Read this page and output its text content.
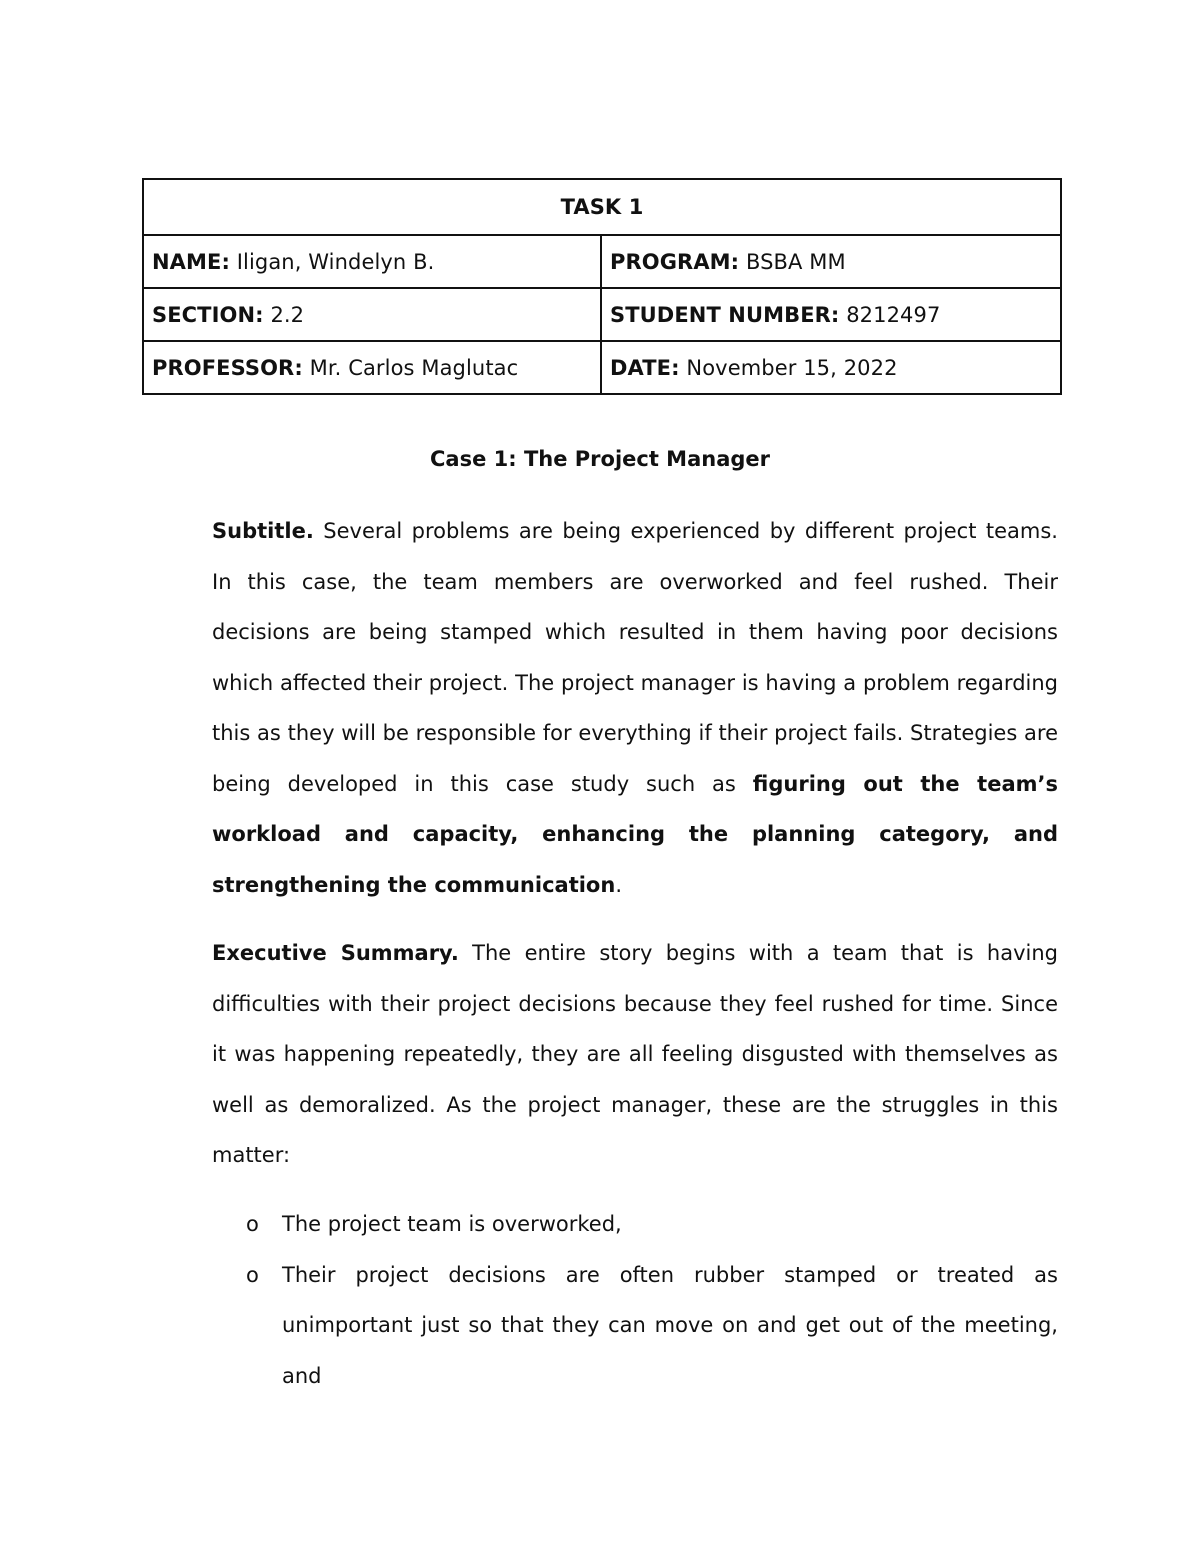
TASK 1	
NAME: Iligan, Windelyn B.	PROGRAM: BSBA MM
SECTION: 2.2	STUDENT NUMBER: 8212497
PROFESSOR: Mr. Carlos Maglutac	DATE: November 15, 2022
Case 1: The Project Manager

Subtitle. Several problems are being experienced by different project teams. In this case, the team members are overworked and feel rushed. Their decisions are being stamped which resulted in them having poor decisions which affected their project. The project manager is having a problem regarding this as they will be responsible for everything if their project fails. Strategies are being developed in this case study such as figuring out the team’s workload and capacity, enhancing the planning category, and strengthening the communication.

Executive Summary. The entire story begins with a team that is having difficulties with their project decisions because they feel rushed for time. Since it was happening repeatedly, they are all feeling disgusted with themselves as well as demoralized. As the project manager, these are the struggles in this matter:

o The project team is overworked,
o Their project decisions are often rubber stamped or treated as unimportant just so that they can move on and get out of the meeting, and
